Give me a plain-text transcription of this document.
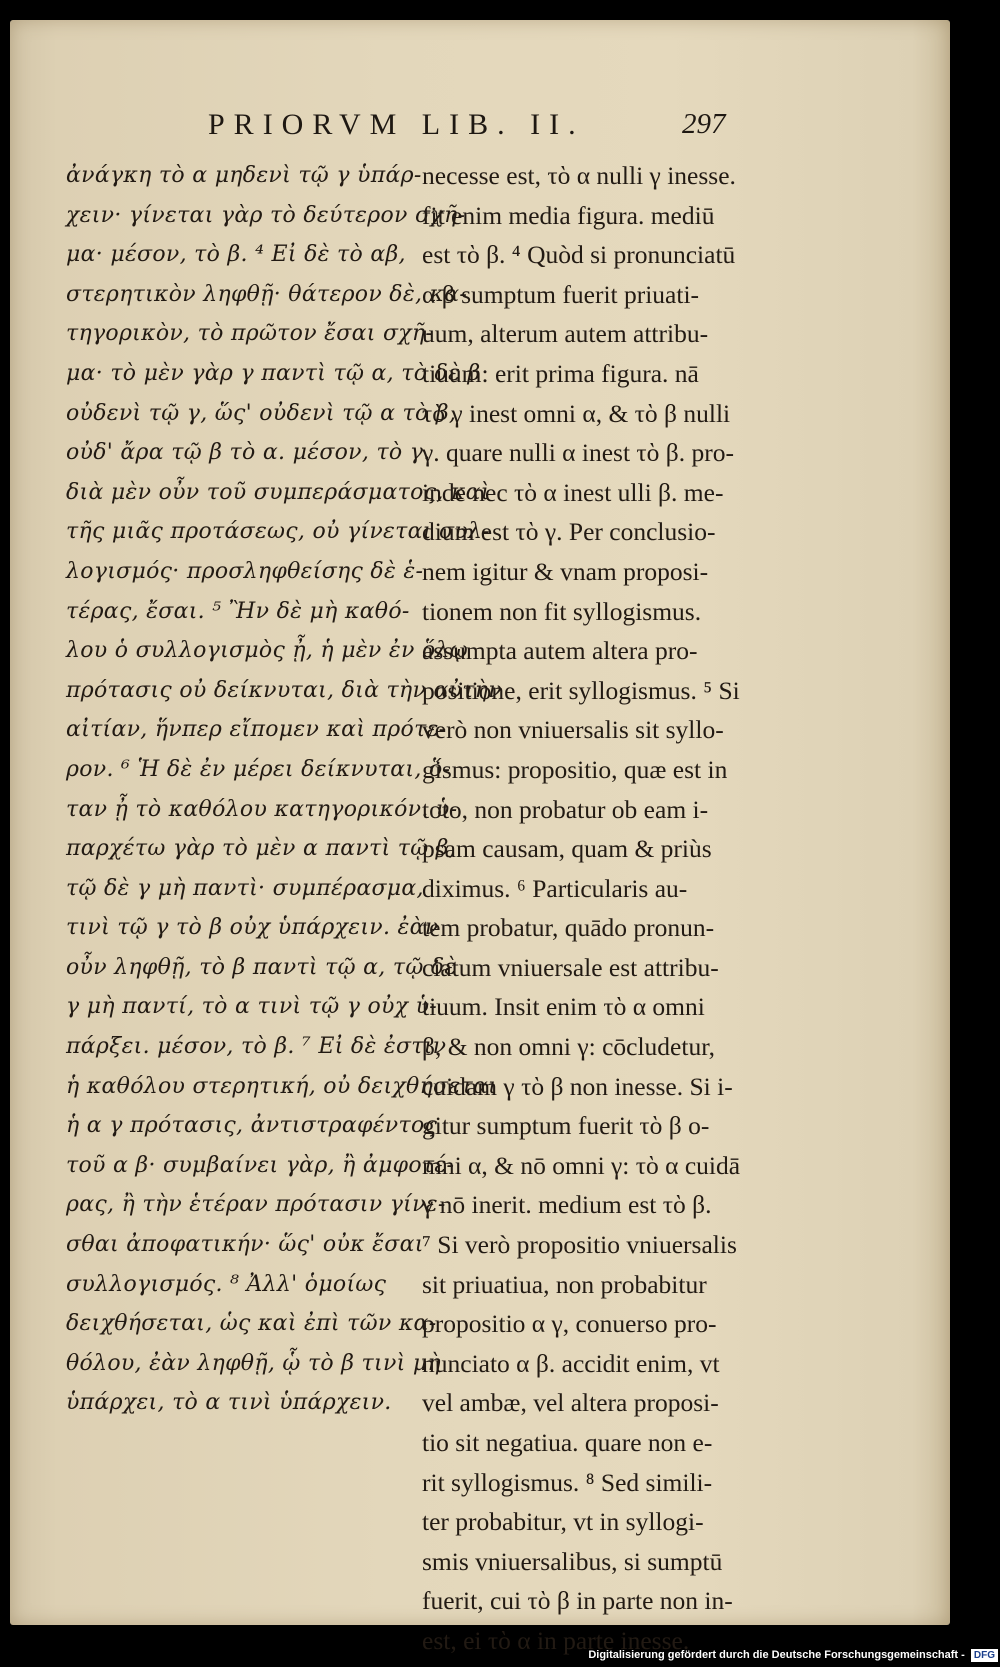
PRIORVM LIB. II.	297
ἀνάγκη τὸ α μηδενὶ τῷ γ ὑπάρ-
χειν· γίνεται γὰρ τὸ δεύτερον σχῆ-
μα· μέσον, τὸ β. ⁴ Εἰ δὲ τὸ αβ,
στερητικὸν ληφθῇ· θάτερον δὲ, κα-
τηγορικὸν, τὸ πρῶτον ἔσαι σχῆ-
μα· τὸ μὲν γὰρ γ παντὶ τῷ α, τὸ δὲ β
οὐδενὶ τῷ γ, ὥς' οὐδενὶ τῷ α τὸ β,
οὐδ' ἄρα τῷ β τὸ α. μέσον, τὸ γ.
διὰ μὲν οὖν τοῦ συμπεράσματος, καὶ
τῆς μιᾶς προτάσεως, οὐ γίνεται συλ-
λογισμός· προσληφθείσης δὲ ἑ-
τέρας, ἔσαι. ⁵ Ἢν δὲ μὴ καθό-
λου ὁ συλλογισμὸς ᾖ, ἡ μὲν ἐν ὅλῳ
πρότασις οὐ δείκνυται, διὰ τὴν αὐτὴν
αἰτίαν, ἥνπερ εἴπομεν καὶ πρότε-
ρον. ⁶ Ἡ δὲ ἐν μέρει δείκνυται, ὅ-
ταν ᾖ τὸ καθόλου κατηγορικόν. ὑ-
παρχέτω γὰρ τὸ μὲν α παντὶ τῷ β,
τῷ δὲ γ μὴ παντὶ· συμπέρασμα,
τινὶ τῷ γ τὸ β οὐχ ὑπάρχειν. ἐὰν
οὖν ληφθῇ, τὸ β παντὶ τῷ α, τῷ δὲ
γ μὴ παντί, τὸ α τινὶ τῷ γ οὐχ ὑ-
πάρξει. μέσον, τὸ β. ⁷ Εἰ δὲ ἐστιν
ἡ καθόλου στερητική, οὐ δειχθήσεται
ἡ α γ πρότασις, ἀντιστραφέντος
τοῦ α β· συμβαίνει γὰρ, ἢ ἀμφοτέ-
ρας, ἢ τὴν ἑτέραν πρότασιν γίνε-
σθαι ἀποφατικήν· ὥς' οὐκ ἔσαι
συλλογισμός. ⁸ Ἀλλ' ὁμοίως
δειχθήσεται, ὡς καὶ ἐπὶ τῶν κα-
θόλου, ἐὰν ληφθῇ, ᾧ τὸ β τινὶ μὴ
ὑπάρχει, τὸ α τινὶ ὑπάρχειν.
necesse est, τὸ α nulli γ inesse.
fit enim media figura. mediū
est τὸ β. ⁴ Quòd si pronunciatū
α β sumptum fuerit priuati-
uum, alterum autem attribu-
tiuum: erit prima figura. nā
τὸ γ inest omni α, & τὸ β nulli
γ. quare nulli α inest τὸ β. pro-
inde nec τὸ α inest ulli β. me-
dium est τὸ γ. Per conclusio-
nem igitur & vnam proposi-
tionem non fit syllogismus.
assumpta autem altera pro-
positione, erit syllogismus. ⁵ Si
verò non vniuersalis sit syllo-
gismus: propositio, quæ est in
toto, non probatur ob eam i-
psam causam, quam & priùs
diximus. ⁶ Particularis au-
tem probatur, quādo pronun-
ciatum vniuersale est attribu-
tiuum. Insit enim τὸ α omni
β, & non omni γ: cōcludetur,
cuidam γ τὸ β non inesse. Si i-
gitur sumptum fuerit τὸ β o-
mni α, & nō omni γ: τὸ α cuidā
γ nō inerit. medium est τὸ β.
⁷ Si verò propositio vniuersalis
sit priuatiua, non probabitur
propositio α γ, conuerso pro-
nunciato α β. accidit enim, vt
vel ambæ, vel altera proposi-
tio sit negatiua. quare non e-
rit syllogismus. ⁸ Sed simili-
ter probabitur, vt in syllogi-
smis vniuersalibus, si sumptū
fuerit, cui τὸ β in parte non in-
est, ei τὸ α in parte inesse.
Digitalisierung gefördert durch die Deutsche Forschungsgemeinschaft - DFG
